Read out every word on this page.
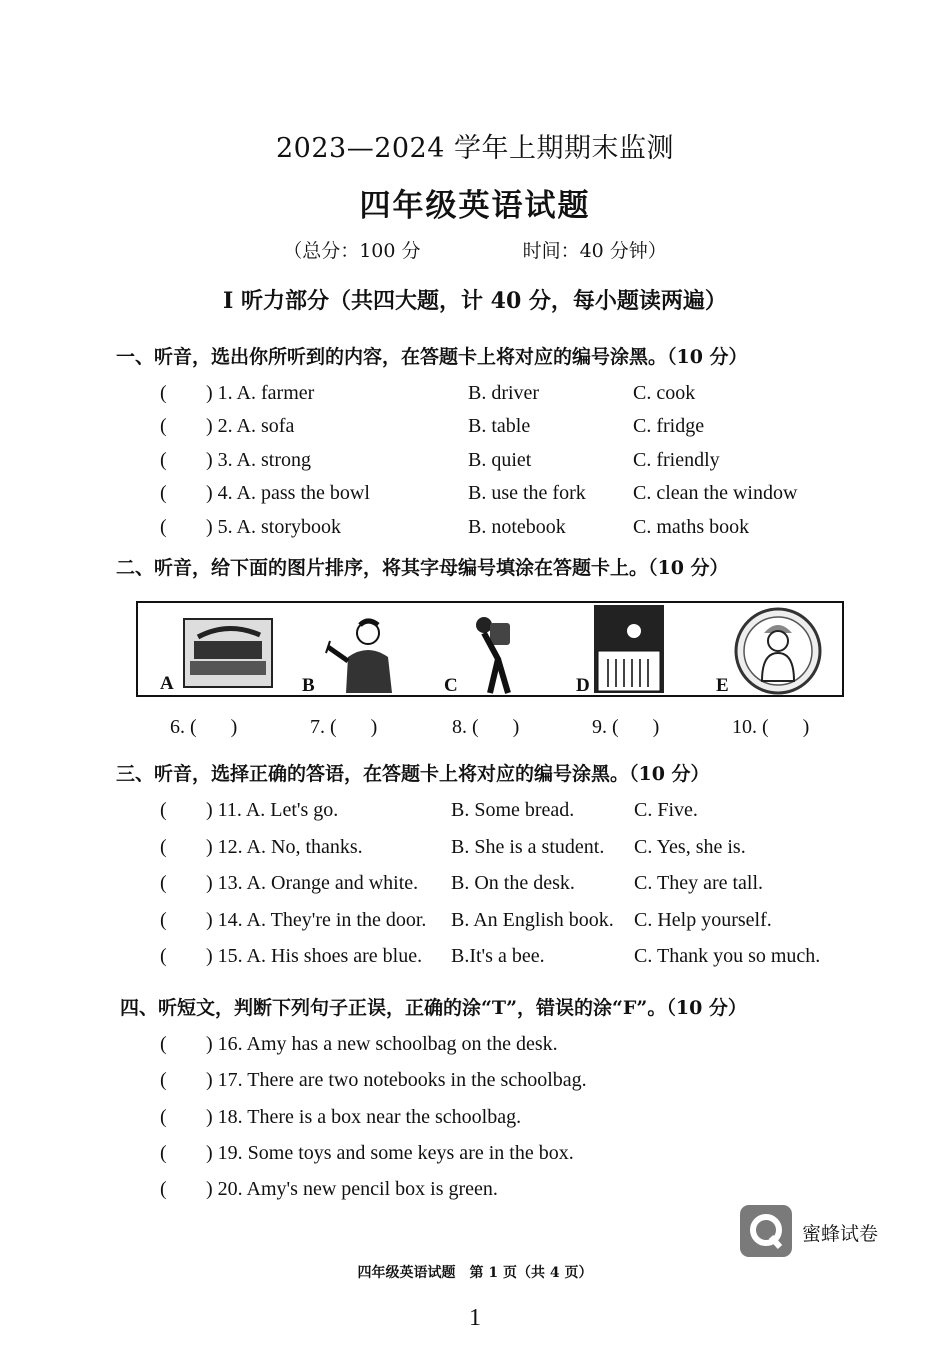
2023—2024 学年上期期末监测
四年级英语试题
（总分：100 分	时间：40 分钟）
Ⅰ 听力部分（共四大题，计 40 分，每小题读两遍）
一、听音，选出你所听到的内容，在答题卡上将对应的编号涂黑。（10 分）
( ) 1. A. farmer	B. driver	C. cook
( ) 2. A. sofa	B. table	C. fridge
( ) 3. A. strong	B. quiet	C. friendly
( ) 4. A. pass the bowl	B. use the fork C. clean the window
( ) 5. A. storybook	B. notebook	C. maths book
二、听音，给下面的图片排序，将其字母编号填涂在答题卡上。（10 分）
A	B	C	D	E
6. ( )	7. ( )	8. ( )	9. ( )	10. ( )
三、听音，选择正确的答语，在答题卡上将对应的编号涂黑。（10 分）
( ) 11. A. Let's go.	B. Some bread.	C. Five.
( ) 12. A. No, thanks.	B. She is a student. C. Yes, she is.
( ) 13. A. Orange and white. B. On the desk.	C. They are tall.
( ) 14. A. They're in the door. B. An English book. C. Help yourself.
( ) 15. A. His shoes are blue. B.It's a bee.	C. Thank you so much.
四、听短文，判断下列句子正误，正确的涂“T”，错误的涂“F”。（10 分）
( ) 16. Amy has a new schoolbag on the desk.
( ) 17. There are two notebooks in the schoolbag.
( ) 18. There is a box near the schoolbag.
( ) 19. Some toys and some keys are in the box.
( ) 20. Amy's new pencil box is green.
蜜蜂试卷
四年级英语试题　第 1 页（共 4 页）
1
